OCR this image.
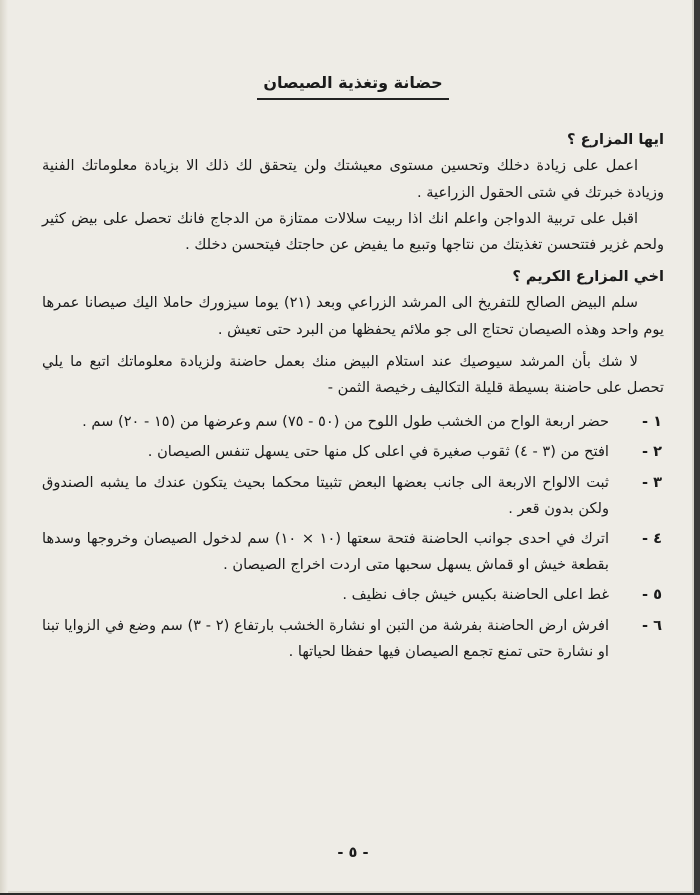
حضانة وتغذية الصيصان

ايها المزارع ؟

اعمل على زيادة دخلك وتحسين مستوى معيشتك ولن يتحقق لك ذلك الا بزيادة معلوماتك الفنية وزيادة خبرتك في شتى الحقول الزراعية .

اقبل على تربية الدواجن واعلم انك اذا ربيت سلالات ممتازة من الدجاج فانك تحصل على بيض كثير ولحم غزير فتتحسن تغذيتك من نتاجها وتبيع ما يفيض عن حاجتك فيتحسن دخلك .

اخي المزارع الكريم ؟

سلم البيض الصالح للتفريخ الى المرشد الزراعي وبعد (٢١) يوما سيزورك حاملا اليك صيصانا عمرها يوم واحد وهذه الصيصان تحتاج الى جو ملائم يحفظها من البرد حتى تعيش .

لا شك بأن المرشد سيوصيك عند استلام البيض منك بعمل حاضنة ولزيادة معلوماتك اتبع ما يلي تحصل على حاضنة بسيطة قليلة التكاليف رخيصة الثمن -

١ -

حضر اربعة الواح من الخشب طول اللوح من (٥٠ - ٧٥) سم وعرضها من (١٥ - ٢٠) سم .

٢ -

افتح من (٣ - ٤) ثقوب صغيرة في اعلى كل منها حتى يسهل تنفس الصيصان .

٣ -

ثبت الالواح الاربعة الى جانب بعضها البعض تثبيتا محكما بحيث يتكون عندك ما يشبه الصندوق ولكن بدون قعر .

٤ -

اترك في احدى جوانب الحاضنة فتحة سعتها (١٠ × ١٠) سم لدخول الصيصان وخروجها وسدها بقطعة خيش او قماش يسهل سحبها متى اردت اخراج الصيصان .

٥ -

غط اعلى الحاضنة بكيس خيش جاف نظيف .

٦ -

افرش ارض الحاضنة بفرشة من التبن او نشارة الخشب بارتفاع (٢ - ٣) سم وضع في الزوايا تبنا او نشارة حتى تمنع تجمع الصيصان فيها حفظا لحياتها .

- ٥ -
